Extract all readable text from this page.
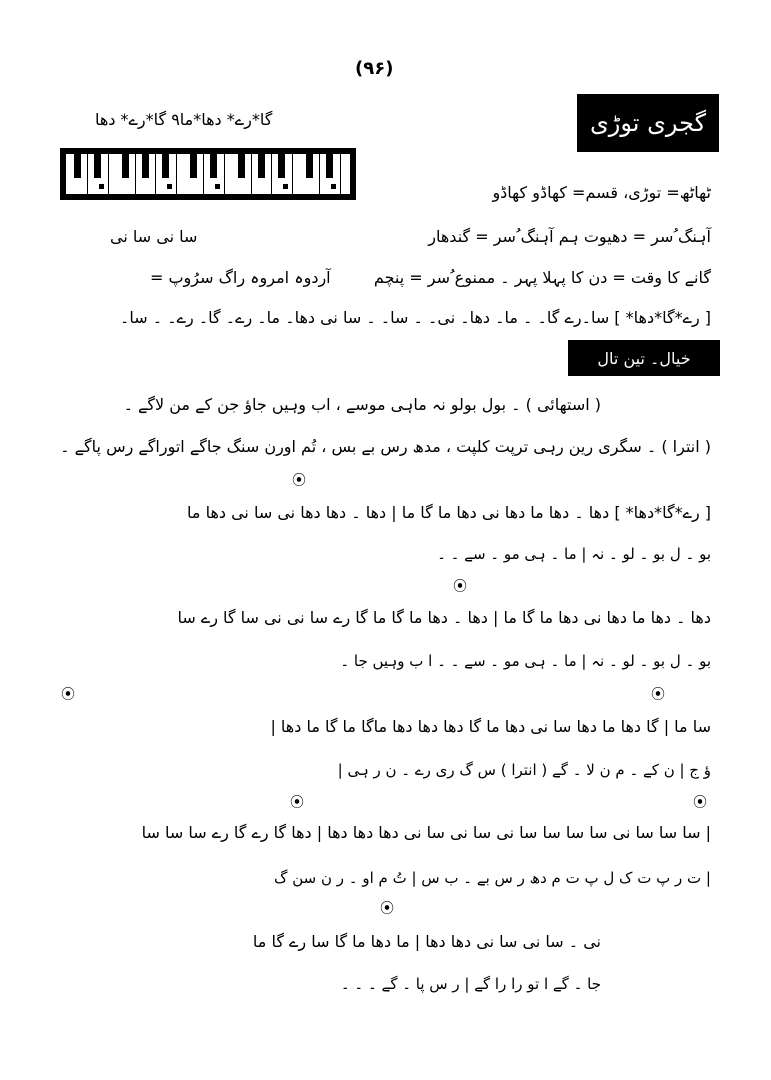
(۹۶)
گجری توڑی
گا*رے* دھا*ما۹ گا*رے* دھا
ٹھاٹھ= توڑی، قسم= کھاڈو کھاڈو
آہنگ ُسر = دھیوت ہم آہنگ ُسر = گندھار
سا نی سا نی
گانے کا وقت = دن کا پہلا پہر ۔ ممنوع ُسر = پنچم
آردوہ امروہ راگ سرُوپ =
[ رے*گا*دھا* ] سا۔رے گا۔ ۔ ما۔ دھا۔ نی۔ ۔ سا۔ ۔ سا نی دھا۔ ما۔ رے۔ گا۔ رے۔ ۔ سا۔
خیال۔ تین تال
( استھائی ) ۔ بول بولو نہ ماہی موسے ، اب وہیں جاؤ جن کے من لاگے ۔
( انترا ) ۔ سگری رین رہی ترپت کلپت ، مدھ رس بے بس ، تُم اورن سنگ جاگے اتوراگے رس پاگے ۔
⦿
[ رے*گا*دھا* ] دھا ۔ دھا ما دھا نی دھا ما گا ما | دھا ۔ دھا دھا نی سا نی دھا ما
بو ۔ ل بو ۔ لو ۔ نہ | ما ۔ ہی مو ۔ سے ۔ ۔
⦿
دھا ۔ دھا ما دھا نی دھا ما گا ما | دھا ۔ دھا ما گا ما گا رے سا نی نی سا گا رے سا
بو ۔ ل بو ۔ لو ۔ نہ | ما ۔ ہی مو ۔ سے ۔ ۔ ا ب وہیں جا ۔
⦿	⦿
سا ما | گا دھا ما دھا سا نی دھا ما گا دھا دھا دھا ماگا ما گا ما دھا |
ؤ ج | ن کے ۔ م ن لا ۔ گے ( انترا ) س گ ری رے ۔ ن ر ہی |
⦿	⦿
| سا سا سا نی سا سا سا سا نی سا نی سا نی دھا دھا دھا | دھا گا رے گا رے سا سا سا
| ت ر پ ت ک ل پ ت م دھ ر س بے ۔ ب س | تُ م او ۔ ر ن سن گ
⦿
نی ۔ سا نی سا نی دھا دھا | ما دھا ما گا سا رے گا ما
جا ۔ گے ا تو را را گے | ر س پا ۔ گے ۔ ۔ ۔
